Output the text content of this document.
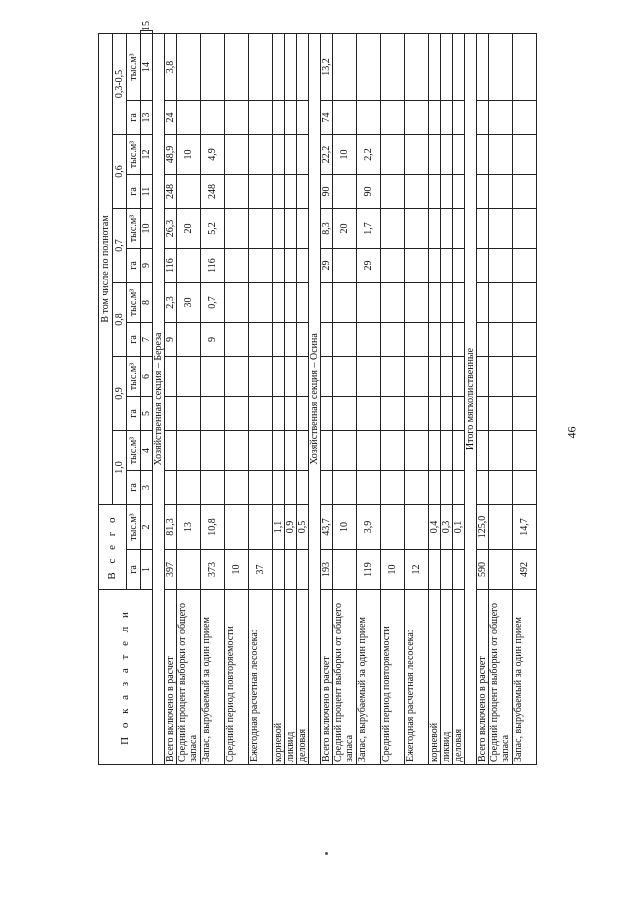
П о к а з а т е л и	В с е г о		В том числе по полнотам												
			1,0		0,9		0,8		0,7		0,6		0,3-0,5		
	га	тыс.м³	га	тыс.м³	га	тыс.м³	га	тыс.м³	га	тыс.м³	га	тыс.м³	га	тыс.м³	
	1	2	3	4	5	6	7	8	9	10	11	12	13	14	15
Хозяйственная секция – Береза															
Всего включено в расчет	397	81,3					9	2,3	116	26,3	248	48,9	24	3,8	
Средний процент выборки от общего запаса		13						30		20		10			
Запас, вырубаемый за один прием	373	10,8					9	0,7	116	5,2	248	4,9			
Средний период повторяемости	10														
Ежегодная расчетная лесосека:	37														
корневой		1,1													
ликвид		0,9													
деловая		0,5													
Хозяйственная секция – Осина															
Всего включено в расчет	193	43,7							29	8,3	90	22,2	74	13,2	
Средний процент выборки от общего запаса		10								20		10			
Запас, вырубаемый за один прием	119	3,9							29	1,7	90	2,2			
Средний период повторяемости	10														
Ежегодная расчетная лесосека:	12														
корневой		0,4													
ликвид		0,3													
деловая		0,1													
Итого мягколиственные															
Всего включено в расчет	590	125,0													
Средний процент выборки от общего запаса															
Запас, вырубаемый за один прием	492	14,7													
46
